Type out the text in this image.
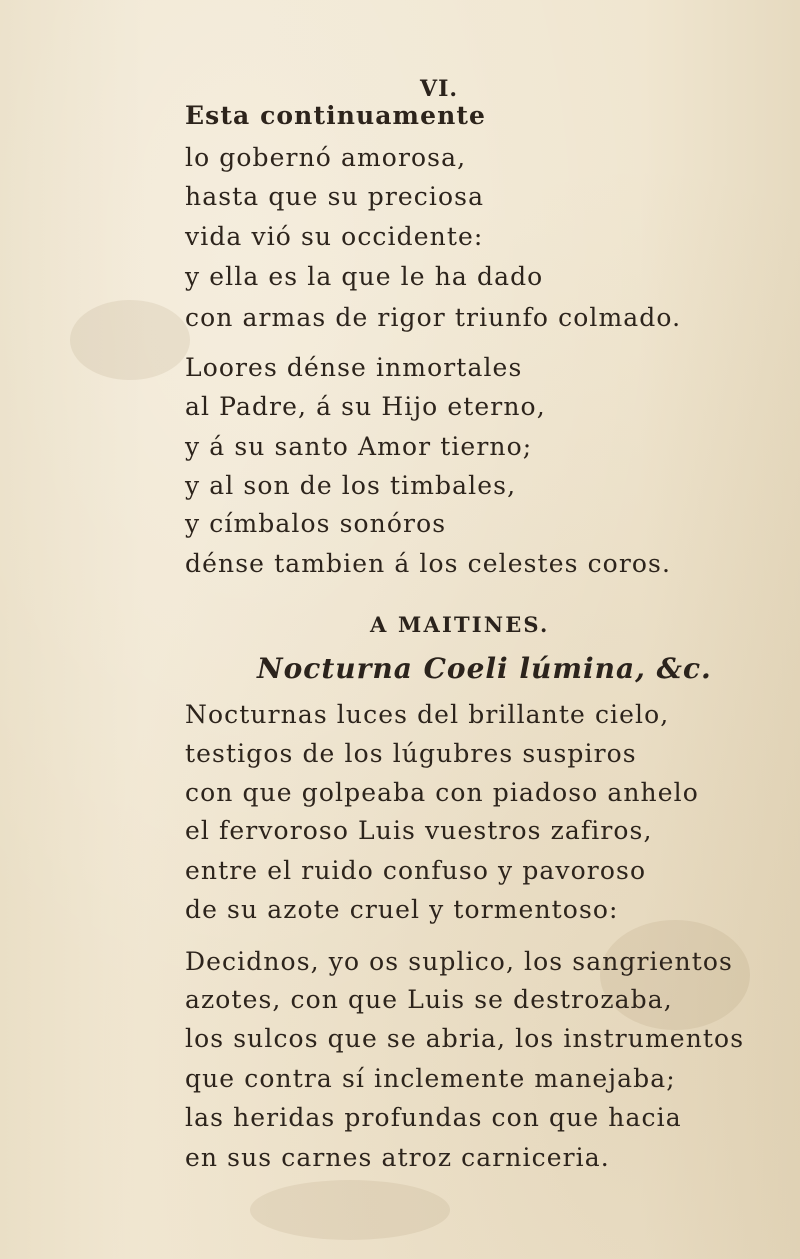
VI.
Esta continuamente
lo gobernó amorosa,
hasta que su preciosa
vida vió su occidente:
y ella es la que le ha dado
con armas de rigor triunfo colmado.
Loores dénse inmortales
al Padre, á su Hijo eterno,
y á su santo Amor tierno;
y al son de los timbales,
y címbalos sonóros
dénse tambien á los celestes coros.
A MAITINES.
Nocturna Coeli lúmina, &c.
Nocturnas luces del brillante cielo,
testigos de los lúgubres suspiros
con que golpeaba con piadoso anhelo
el fervoroso Luis vuestros zafiros,
entre el ruido confuso y pavoroso
de su azote cruel y tormentoso:
Decidnos, yo os suplico, los sangrientos
azotes, con que Luis se destrozaba,
los sulcos que se abria, los instrumentos
que contra sí inclemente manejaba;
las heridas profundas con que hacia
en sus carnes atroz carniceria.
